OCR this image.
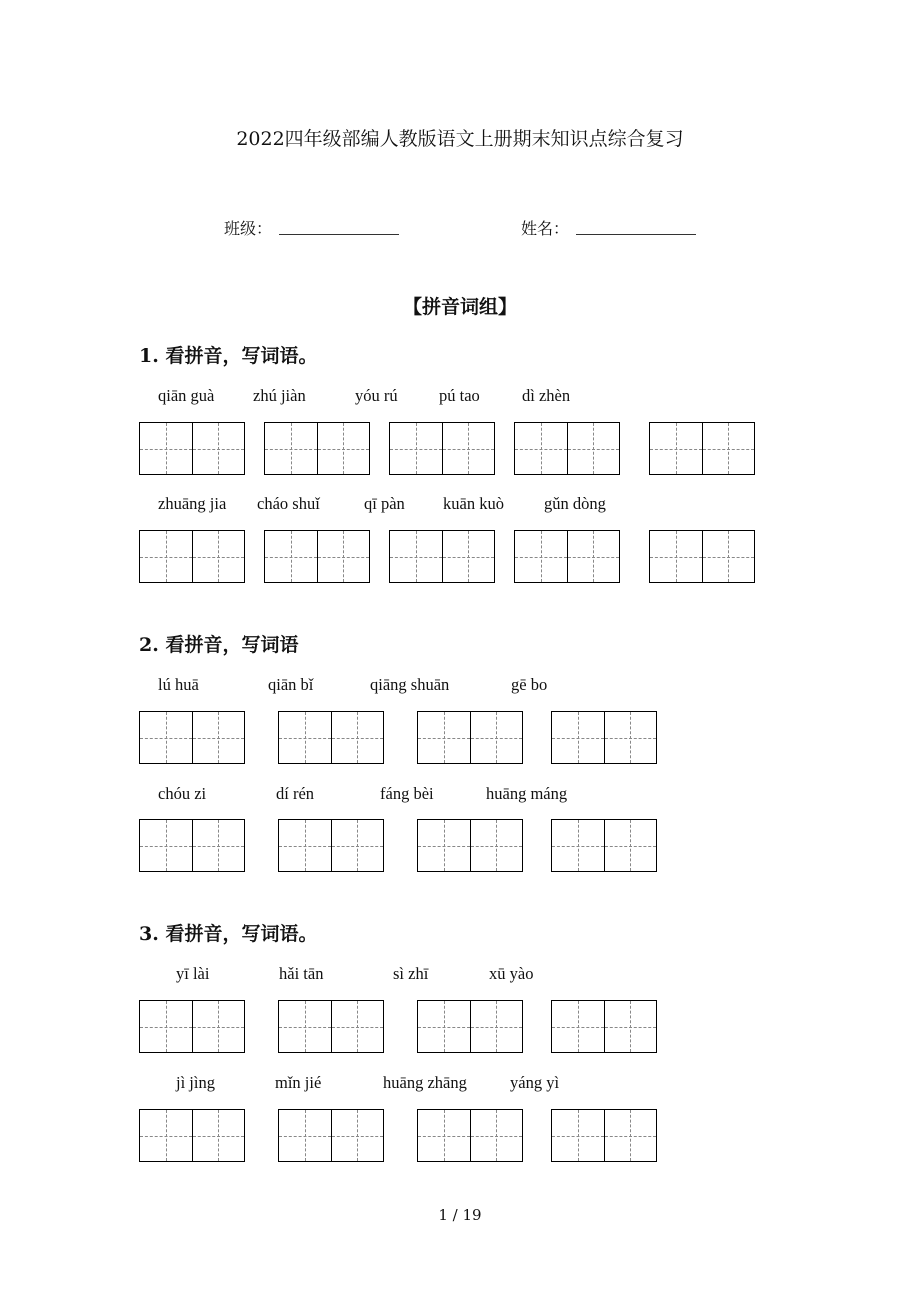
2022四年级部编人教版语文上册期末知识点综合复习
班级：	姓名：
【拼音词组】
1. 看拼音，写词语。
qiān guà zhú jiàn	yóu rú	pú tao	dì zhèn
zhuāng jia cháo shuǐ	qī pàn kuān kuò gǔn dòng
2. 看拼音，写词语
lú huā	qiān bǐ	qiāng shuān	gē bo
chóu zi	dí rén	fáng bèi	huāng máng
3. 看拼音，写词语。
yī lài	hǎi tān	sì zhī	xū yào
jì jìng	mǐn jié	huāng zhāng	yáng yì
1 / 19
